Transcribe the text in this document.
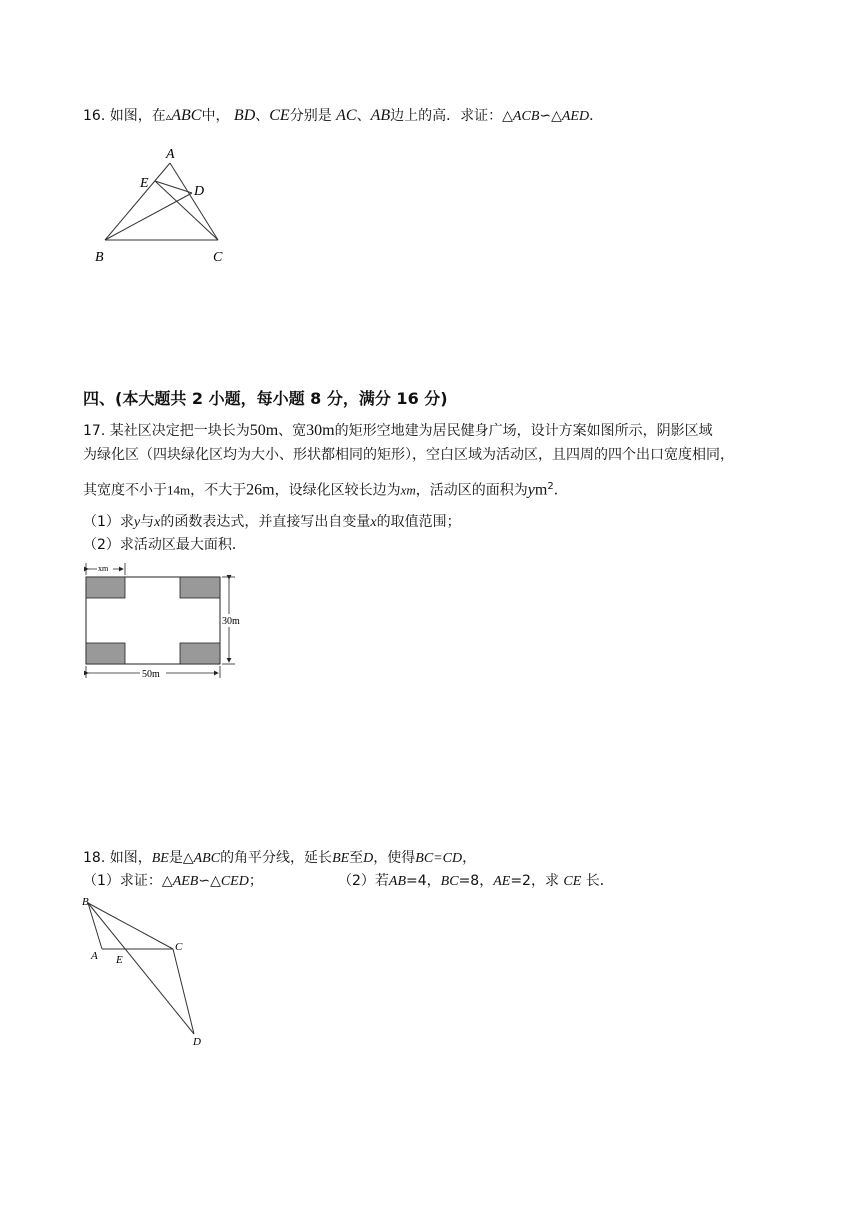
16. 如图，在▵ABC中， BD、CE分别是 AC、AB边上的高．求证：△ACB∽△AED．
A
E
D
B	C
四、(本大题共 2 小题，每小题 8 分，满分 16 分)
17. 某社区决定把一块长为50m、宽30m的矩形空地建为居民健身广场，设计方案如图所示，阴影区域
为绿化区（四块绿化区均为大小、形状都相同的矩形），空白区域为活动区，且四周的四个出口宽度相同，
其宽度不小于14m，不大于26m，设绿化区较长边为xm，活动区的面积为$ym^2$．
（1）求y与x的函数表达式，并直接写出自变量x的取值范围；
（2）求活动区最大面积．
xm
30m
50m
18. 如图，BE是△ABC的角平分线，延长BE至D，使得BC=CD，
（1）求证：△AEB∽△CED；	（2）若AB=4，BC=8，AE=2，求 CE 长．
B
C
A E
D
